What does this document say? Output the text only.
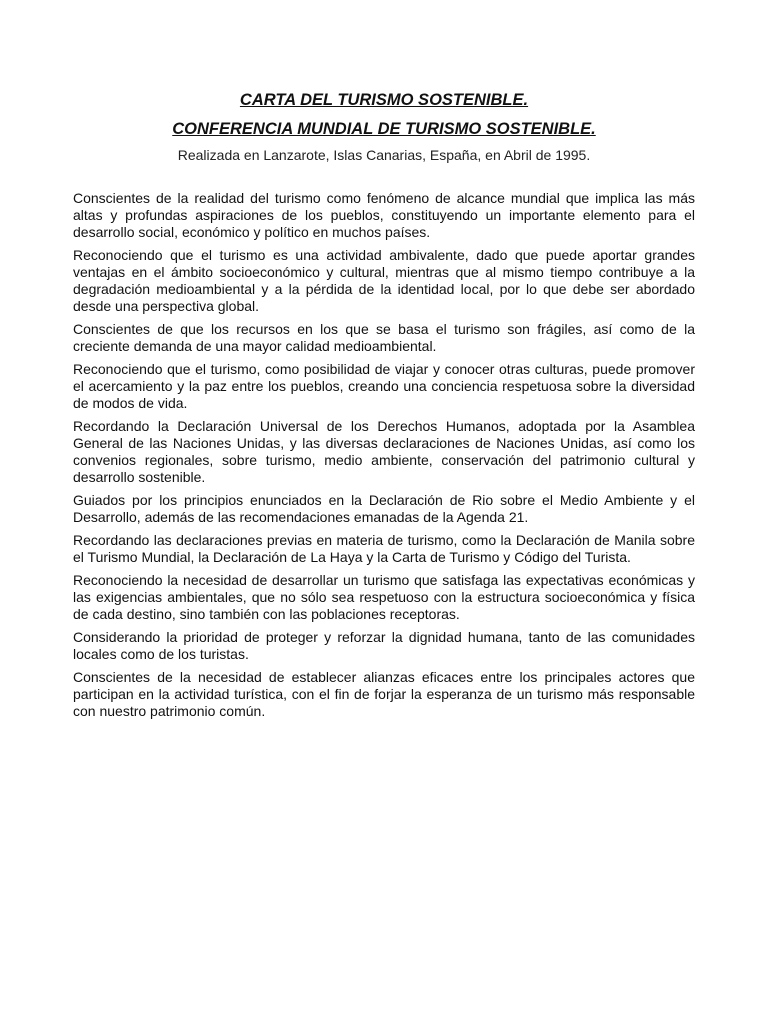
CARTA DEL TURISMO SOSTENIBLE.
CONFERENCIA MUNDIAL DE TURISMO SOSTENIBLE.
Realizada en Lanzarote, Islas Canarias, España, en Abril de 1995.

Conscientes de la realidad del turismo como fenómeno de alcance mundial que implica las más altas y profundas aspiraciones de los pueblos, constituyendo un importante elemento para el desarrollo social, económico y político en muchos países.

Reconociendo que el turismo es una actividad ambivalente, dado que puede aportar grandes ventajas en el ámbito socioeconómico y cultural, mientras que al mismo tiempo contribuye a la degradación medioambiental y a la pérdida de la identidad local, por lo que debe ser abordado desde una perspectiva global.

Conscientes de que los recursos en los que se basa el turismo son frágiles, así como de la creciente demanda de una mayor calidad medioambiental.

Reconociendo que el turismo, como posibilidad de viajar y conocer otras culturas, puede promover el acercamiento y la paz entre los pueblos, creando una conciencia respetuosa sobre la diversidad de modos de vida.

Recordando la Declaración Universal de los Derechos Humanos, adoptada por la Asamblea General de las Naciones Unidas, y las diversas declaraciones de Naciones Unidas, así como los convenios regionales, sobre turismo, medio ambiente, conservación del patrimonio cultural y desarrollo sostenible.

Guiados por los principios enunciados en la Declaración de Rio sobre el Medio Ambiente y el Desarrollo, además de las recomendaciones emanadas de la Agenda 21.

Recordando las declaraciones previas en materia de turismo, como la Declaración de Manila sobre el Turismo Mundial, la Declaración de La Haya y la Carta de Turismo y Código del Turista.

Reconociendo la necesidad de desarrollar un turismo que satisfaga las expectativas económicas y las exigencias ambientales, que no sólo sea respetuoso con la estructura socioeconómica y física de cada destino, sino también con las poblaciones receptoras.

Considerando la prioridad de proteger y reforzar la dignidad humana, tanto de las comunidades locales como de los turistas.

Conscientes de la necesidad de establecer alianzas eficaces entre los principales actores que participan en la actividad turística, con el fin de forjar la esperanza de un turismo más responsable con nuestro patrimonio común.
